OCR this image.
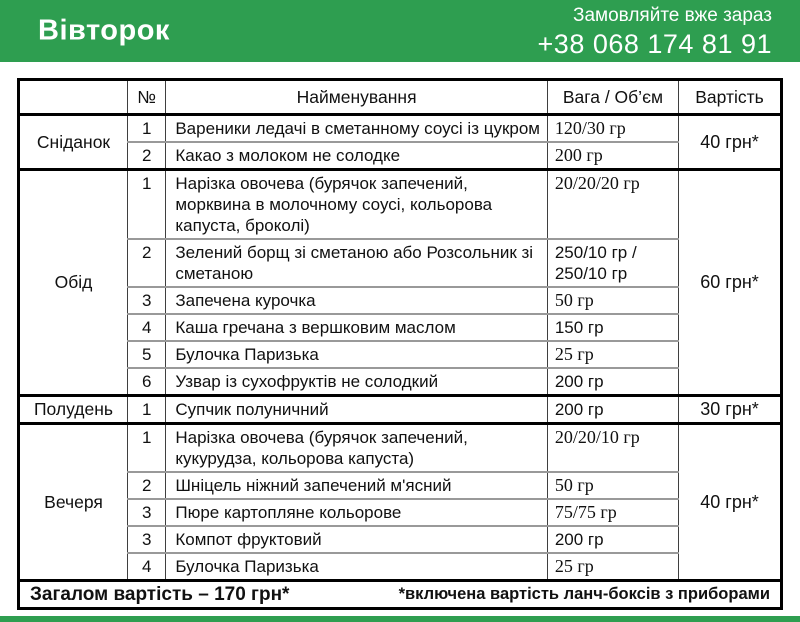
Вівторок	Замовляйте вже зараз
+38 068 174 81 91
	№	Найменування	Вага / Об’єм	Вартість
Сніданок	1	Вареники ледачі в сметанному соусі із цукром	120/30 гр	40 грн*
	2	Какао з молоком не солодке	200 гр	
Обід	1	Нарізка овочева (бурячок запечений, морквина в молочному соусі, кольорова капуста, броколі)	20/20/20 гр	60 грн*
	2	Зелений борщ зі сметаною або Розсольник зі сметаною	250/10 гр / 250/10 гр	
	3	Запечена курочка	50 гр	
	4	Каша гречана з вершковим маслом	150 гр	
	5	Булочка Паризька	25 гр	
	6	Узвар із сухофруктів не солодкий	200 гр	
Полудень	1	Супчик полуничний	200 гр	30 грн*
Вечеря	1	Нарізка овочева (бурячок запечений, кукурудза, кольорова капуста)	20/20/10 гр	40 грн*
	2	Шніцель ніжний запечений м'ясний	50 гр	
	3	Пюре картопляне кольорове	75/75 гр	
	3	Компот фруктовий	200 гр	
	4	Булочка Паризька	25 гр	

Загалом вартість – 170 грн* *включена вартість ланч-боксів з приборами				
